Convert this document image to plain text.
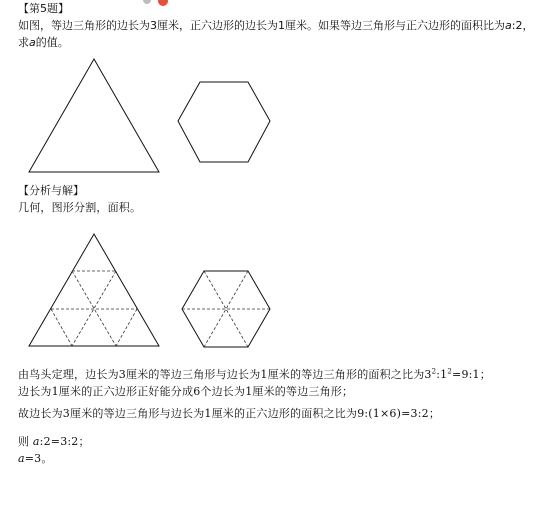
【第5题】
如图，等边三角形的边长为3厘米，正六边形的边长为1厘米。如果等边三角形与正六边形的面积比为a:2，
求a的值。
【分析与解】
几何，图形分割，面积。
由鸟头定理，边长为3厘米的等边三角形与边长为1厘米的等边三角形的面积之比为$3^2:1^2=9:1$；
边长为1厘米的正六边形正好能分成6个边长为1厘米的等边三角形；
故边长为3厘米的等边三角形与边长为1厘米的正六边形的面积之比为9:(1×6)=3:2；
则 a:2=3:2；
a=3。
